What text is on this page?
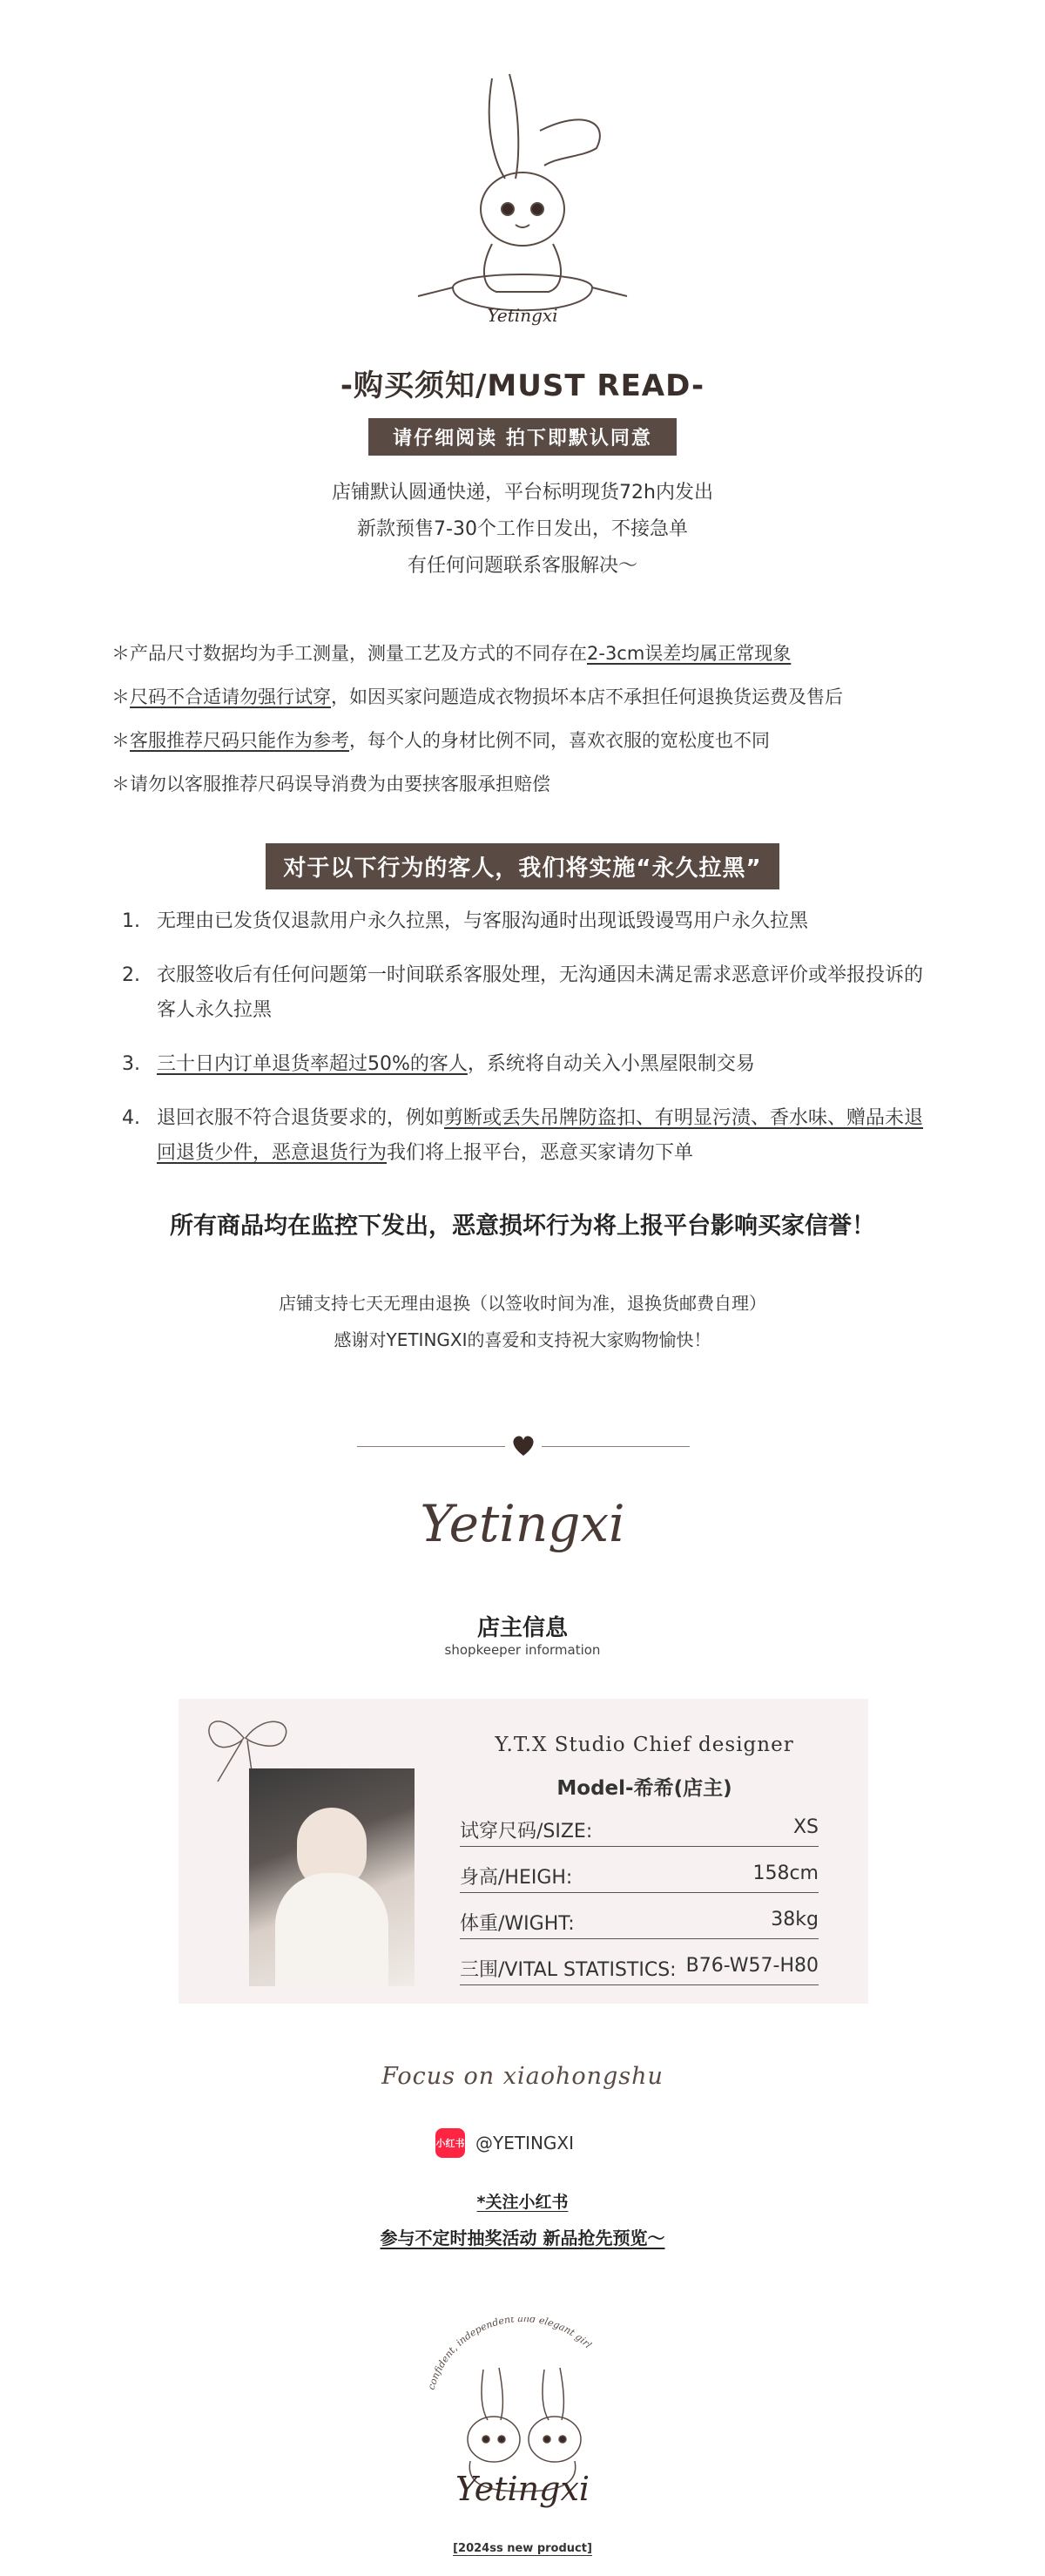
Yetingxi
-购买须知/MUST READ-
请仔细阅读 拍下即默认同意
店铺默认圆通快递，平台标明现货72h内发出
新款预售7-30个工作日发出，不接急单
有任何问题联系客服解决～
＊产品尺寸数据均为手工测量，测量工艺及方式的不同存在2-3cm误差均属正常现象
＊尺码不合适请勿强行试穿，如因买家问题造成衣物损坏本店不承担任何退换货运费及售后
＊客服推荐尺码只能作为参考，每个人的身材比例不同，喜欢衣服的宽松度也不同
＊请勿以客服推荐尺码误导消费为由要挟客服承担赔偿
对于以下行为的客人，我们将实施“永久拉黑”
1. 无理由已发货仅退款用户永久拉黑，与客服沟通时出现诋毁谩骂用户永久拉黑
2. 衣服签收后有任何问题第一时间联系客服处理，无沟通因未满足需求恶意评价或举报投诉的客人永久拉黑
3. 三十日内订单退货率超过50%的客人，系统将自动关入小黑屋限制交易
4. 退回衣服不符合退货要求的，例如剪断或丢失吊牌防盗扣、有明显污渍、香水味、赠品未退回退货少件，恶意退货行为我们将上报平台，恶意买家请勿下单
所有商品均在监控下发出，恶意损坏行为将上报平台影响买家信誉！
店铺支持七天无理由退换（以签收时间为准，退换货邮费自理）
感谢对YETINGXI的喜爱和支持祝大家购物愉快！
Yetingxi
店主信息
shopkeeper information
Y.T.X Studio Chief designer
Model-希希(店主)
试穿尺码/SIZE:	XS
身高/HEIGH:	158cm
体重/WIGHT:	38kg
三围/VITAL STATISTICS: B76-W57-H80
Focus on xiaohongshu
小红书 @YETINGXI
*关注小红书
参与不定时抽奖活动 新品抢先预览～
confident, independent and elegant girl
Yetingxi
[2024ss new product]
